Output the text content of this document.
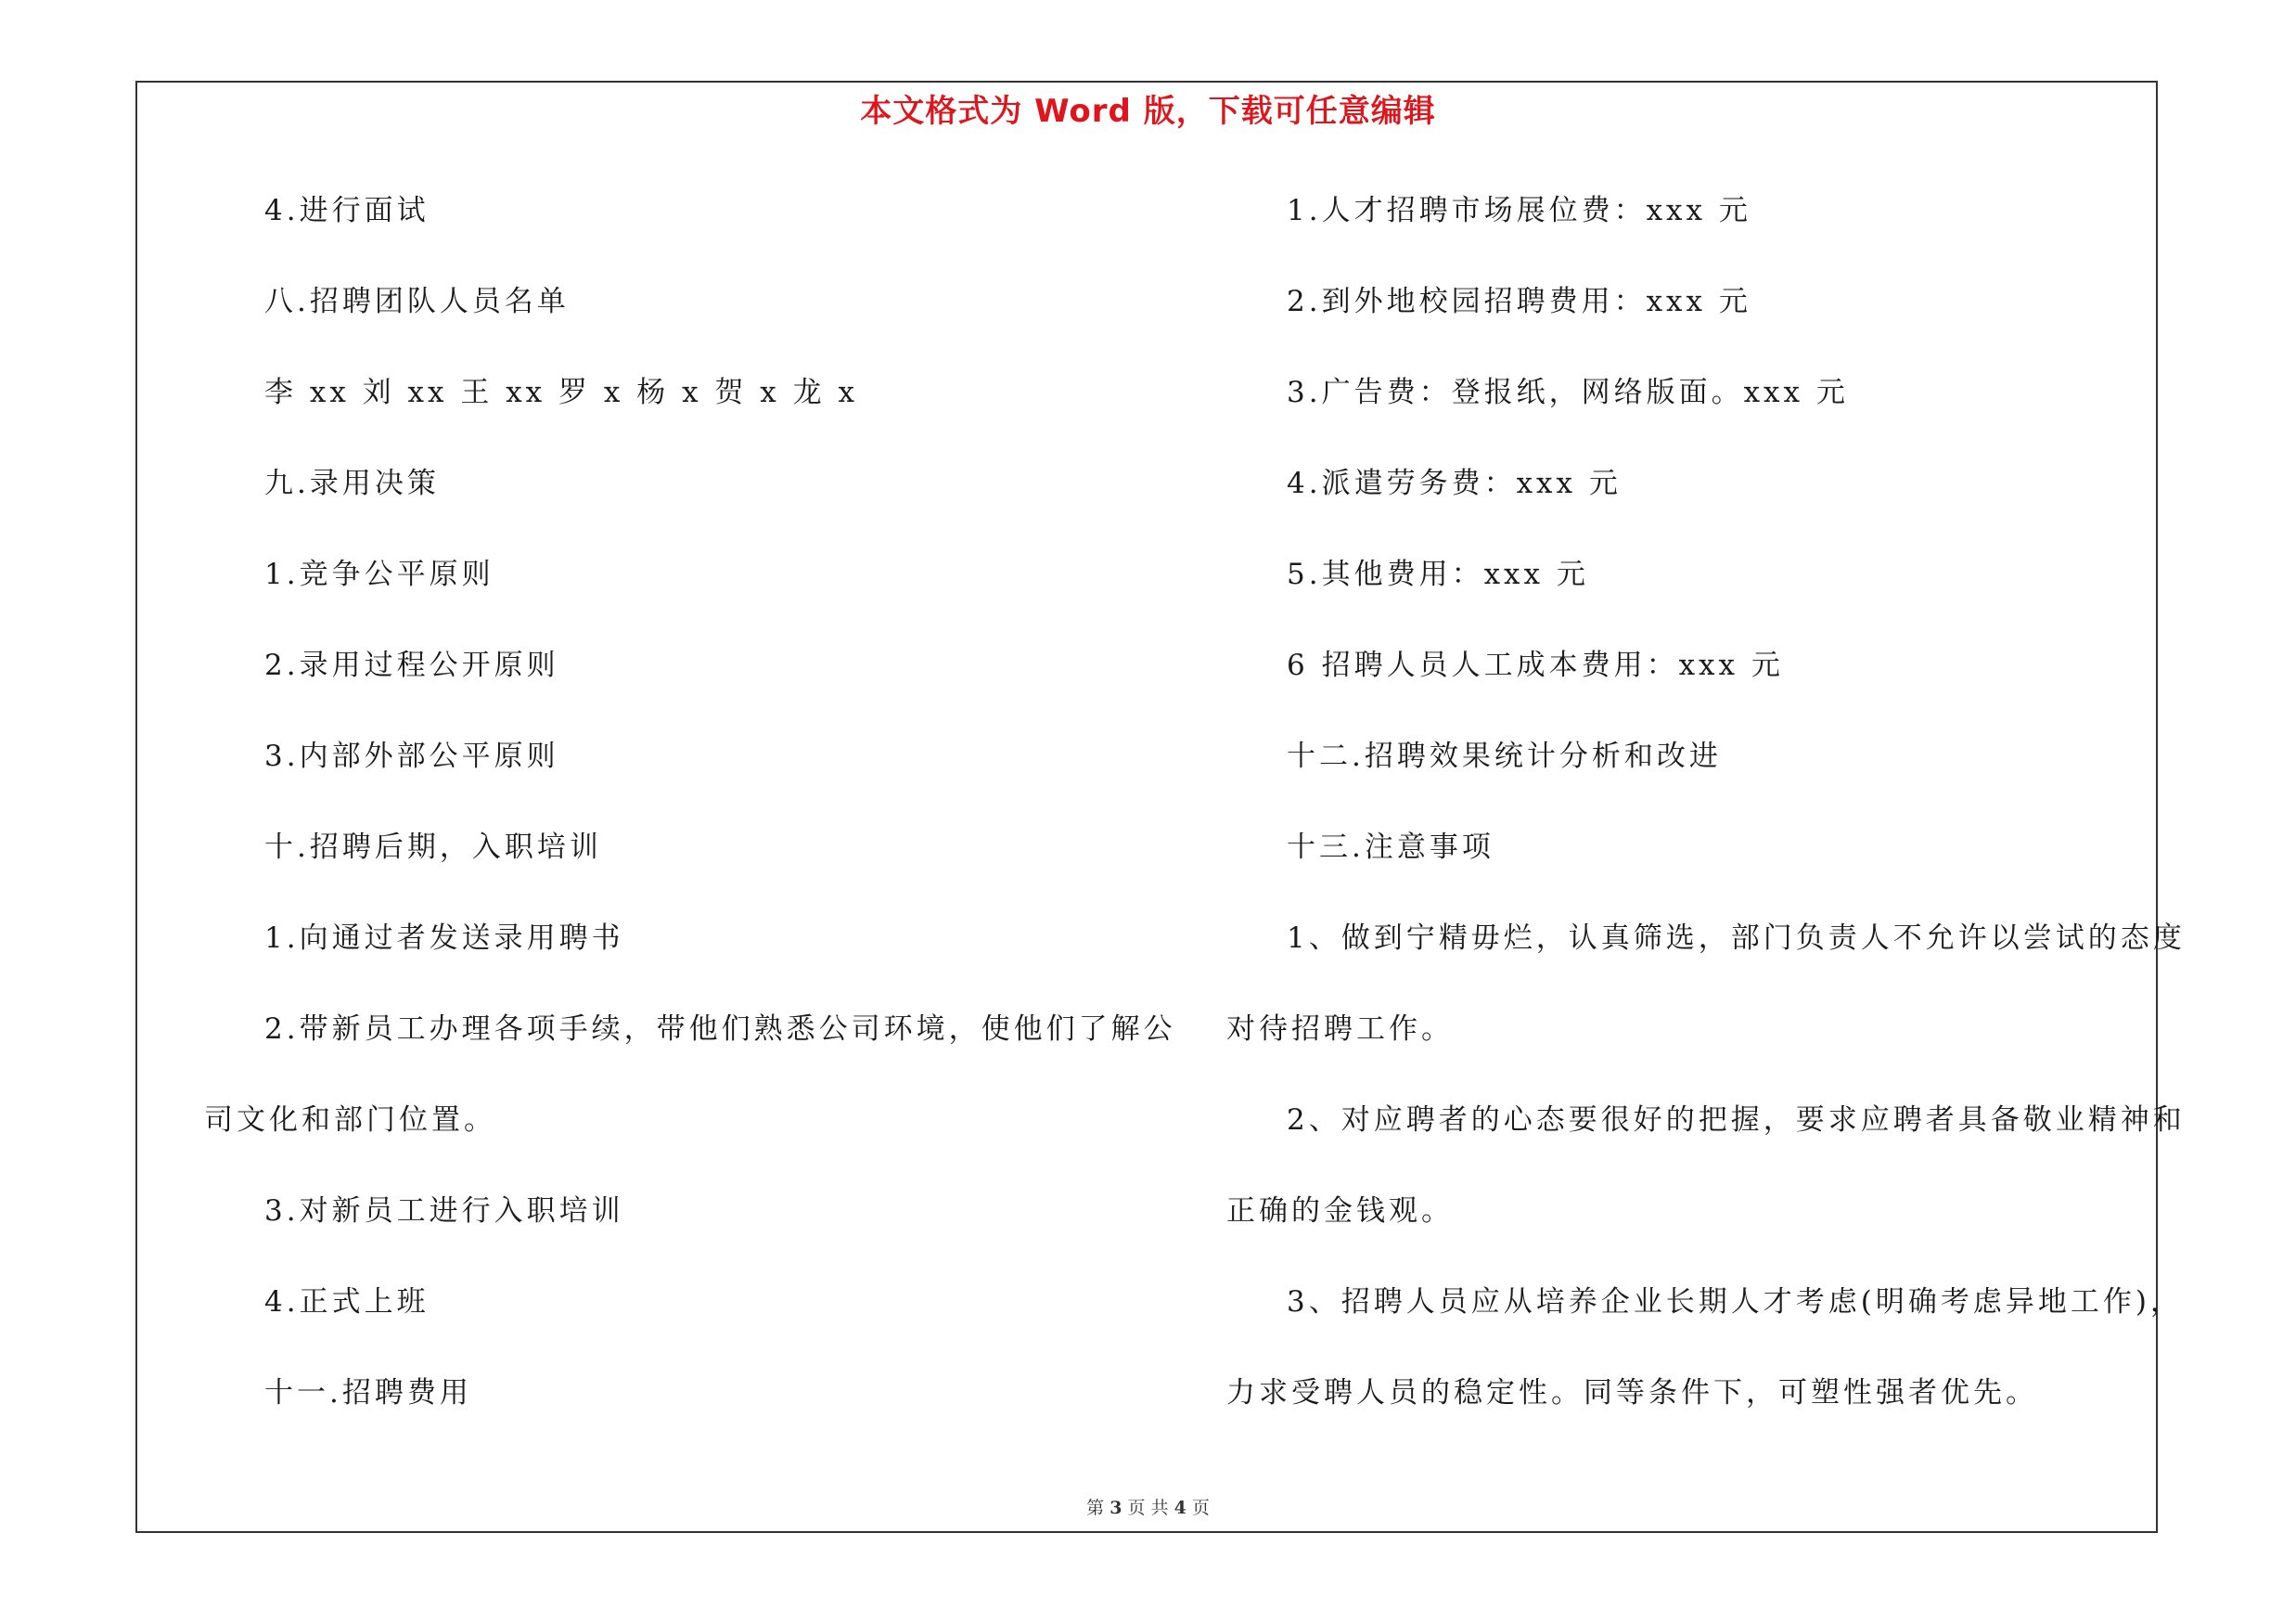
本文格式为 Word 版，下载可任意编辑
4.进行面试
八.招聘团队人员名单
李 xx 刘 xx 王 xx 罗 x 杨 x 贺 x 龙 x
九.录用决策
1.竞争公平原则
2.录用过程公开原则
3.内部外部公平原则
十.招聘后期，入职培训
1.向通过者发送录用聘书
2.带新员工办理各项手续，带他们熟悉公司环境，使他们了解公
司文化和部门位置。
3.对新员工进行入职培训
4.正式上班
十一.招聘费用
1.人才招聘市场展位费：xxx 元
2.到外地校园招聘费用：xxx 元
3.广告费：登报纸，网络版面。xxx 元
4.派遣劳务费：xxx 元
5.其他费用：xxx 元
6 招聘人员人工成本费用：xxx 元
十二.招聘效果统计分析和改进
十三.注意事项
1、做到宁精毋烂，认真筛选，部门负责人不允许以尝试的态度
对待招聘工作。
2、对应聘者的心态要很好的把握，要求应聘者具备敬业精神和
正确的金钱观。
3、招聘人员应从培养企业长期人才考虑(明确考虑异地工作)，
力求受聘人员的稳定性。同等条件下，可塑性强者优先。
第 3 页 共 4 页
